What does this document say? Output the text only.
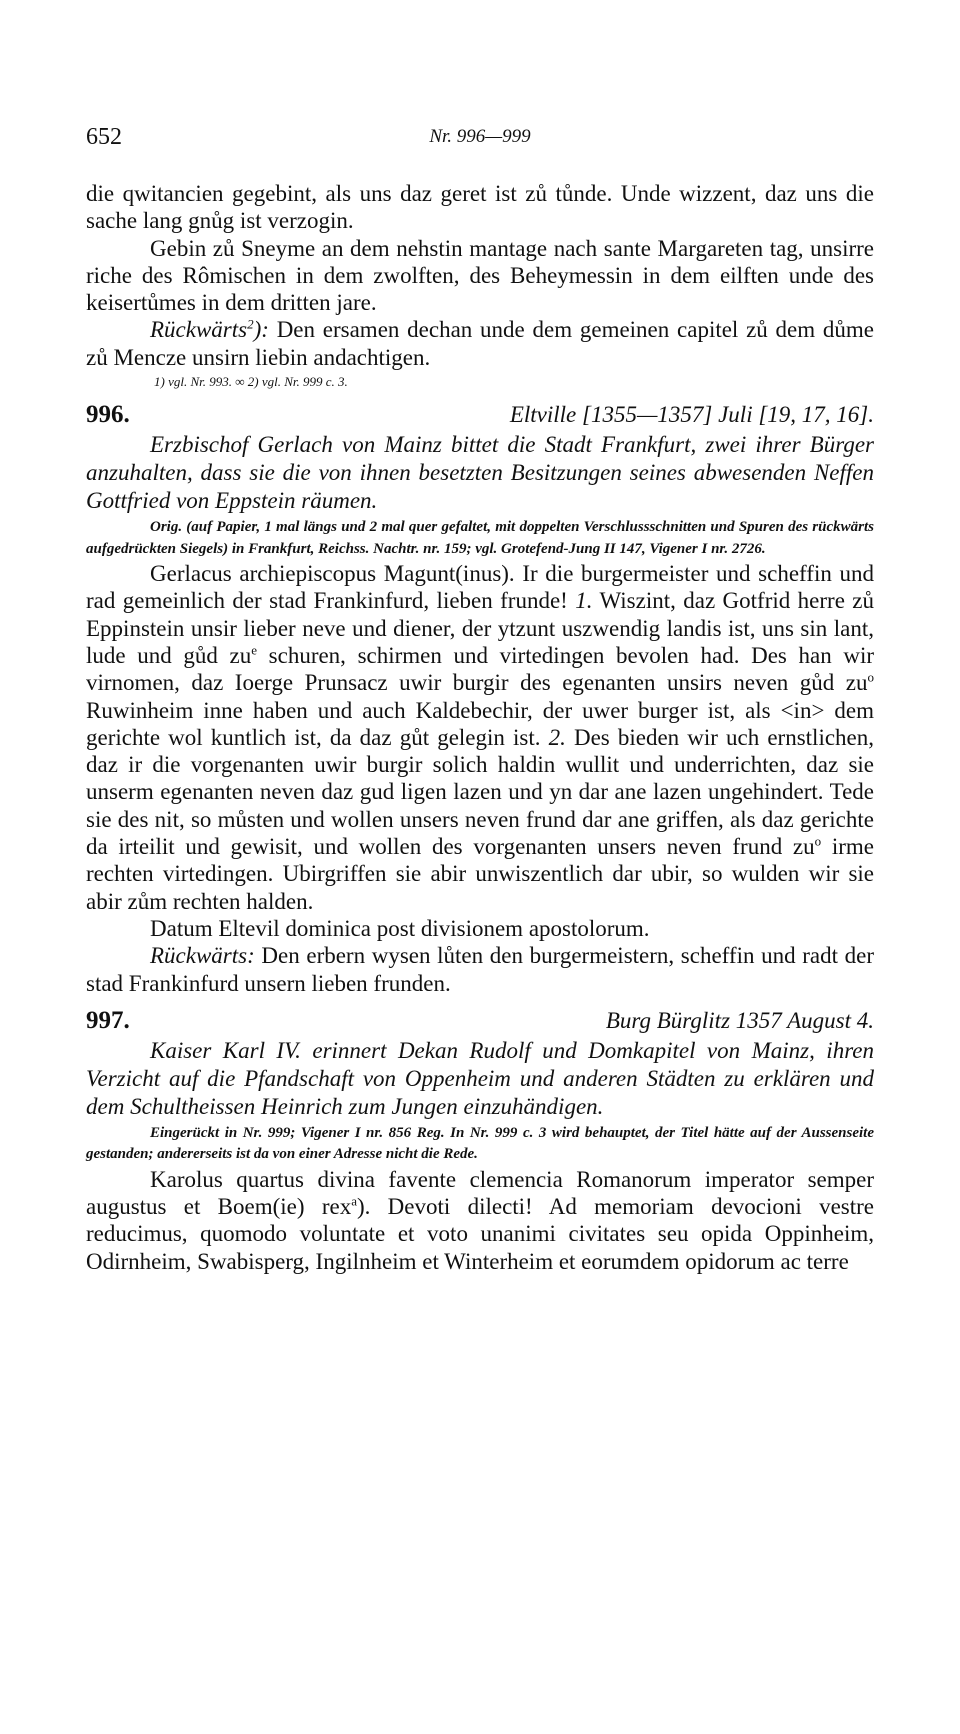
652	Nr. 996—999

die qwitancien gegebint, als uns daz geret ist zů tůnde. Unde wizzent, daz uns die sache lang gnůg ist verzogin.

Gebin zů Sneyme an dem nehstin mantage nach sante Margareten tag, unsirre riche des Rômischen in dem zwolften, des Beheymessin in dem eilften unde des keisertůmes in dem dritten jare.

Rückwärts$^2$): Den ersamen dechan unde dem gemeinen capitel zů dem důme zů Mencze unsirn liebin andachtigen.

1) vgl. Nr. 993. ∞ 2) vgl. Nr. 999 c. 3.

996.	Eltville [1355—1357] Juli [19, 17, 16].

Erzbischof Gerlach von Mainz bittet die Stadt Frankfurt, zwei ihrer Bürger anzuhalten, dass sie die von ihnen besetzten Besitzungen seines abwesenden Neffen Gottfried von Eppstein räumen.

Orig. (auf Papier, 1 mal längs und 2 mal quer gefaltet, mit doppelten Verschlussschnitten und Spuren des rückwärts aufgedrückten Siegels) in Frankfurt, Reichss. Nachtr. nr. 159; vgl. Grotefend-Jung II 147, Vigener I nr. 2726.

Gerlacus archiepiscopus Magunt(inus). Ir die burgermeister und scheffin und rad gemeinlich der stad Frankinfurd, lieben frunde! 1. Wiszint, daz Gotfrid herre zů Eppinstein unsir lieber neve und diener, der ytzunt uszwendig landis ist, uns sin lant, lude und gůd $zu^e$ schuren, schirmen und virtedingen bevolen had. Des han wir virnomen, daz Ioerge Prunsacz uwir burgir des egenanten unsirs neven gůd $zu^o$ Ruwinheim inne haben und auch Kaldebechir, der uwer burger ist, als ˂in˃ dem gerichte wol kuntlich ist, da daz gůt gelegin ist. 2. Des bieden wir uch ernstlichen, daz ir die vorgenanten uwir burgir solich haldin wullit und underrichten, daz sie unserm egenanten neven daz gud ligen lazen und yn dar ane lazen ungehindert. Tede sie des nit, so můsten und wollen unsers neven frund dar ane griffen, als daz gerichte da irteilit und gewisit, und wollen des vorgenanten unsers neven frund $zu^o$ irme rechten virtedingen. Ubirgriffen sie abir unwiszentlich dar ubir, so wulden wir sie abir zům rechten halden.

Datum Eltevil dominica post divisionem apostolorum.

Rückwärts: Den erbern wysen lůten den burgermeistern, scheffin und radt der stad Frankinfurd unsern lieben frunden.

997.	Burg Bürglitz 1357 August 4.

Kaiser Karl IV. erinnert Dekan Rudolf und Domkapitel von Mainz, ihren Verzicht auf die Pfandschaft von Oppenheim und anderen Städten zu erklären und dem Schultheissen Heinrich zum Jungen einzuhändigen.

Eingerückt in Nr. 999; Vigener I nr. 856 Reg. In Nr. 999 c. 3 wird behauptet, der Titel hätte auf der Aussenseite gestanden; andererseits ist da von einer Adresse nicht die Rede.

Karolus quartus divina favente clemencia Romanorum imperator semper augustus et Boem(ie) rex$^a$). Devoti dilecti! Ad memoriam devocioni vestre reducimus, quomodo voluntate et voto unanimi civitates seu opida Oppinheim, Odirnheim, Swabisperg, Ingilnheim et Winterheim et eorumdem opidorum ac terre
